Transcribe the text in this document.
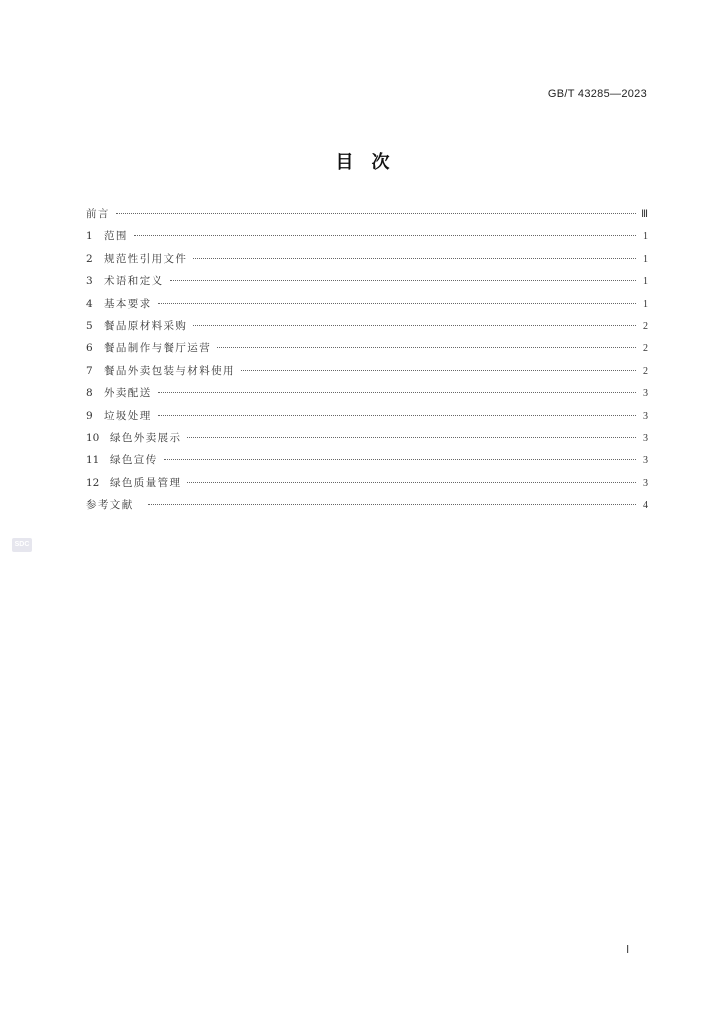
GB/T 43285—2023
目　次
前言	Ⅲ
1 范围	1
2 规范性引用文件	1
3 术语和定义	1
4 基本要求	1
5 餐品原材料采购	2
6 餐品制作与餐厅运营	2
7 餐品外卖包装与材料使用	2
8 外卖配送	3
9 垃圾处理	3
10 绿色外卖展示	3
11 绿色宣传	3
12 绿色质量管理	3
参考文献	4
SDC
Ⅰ
